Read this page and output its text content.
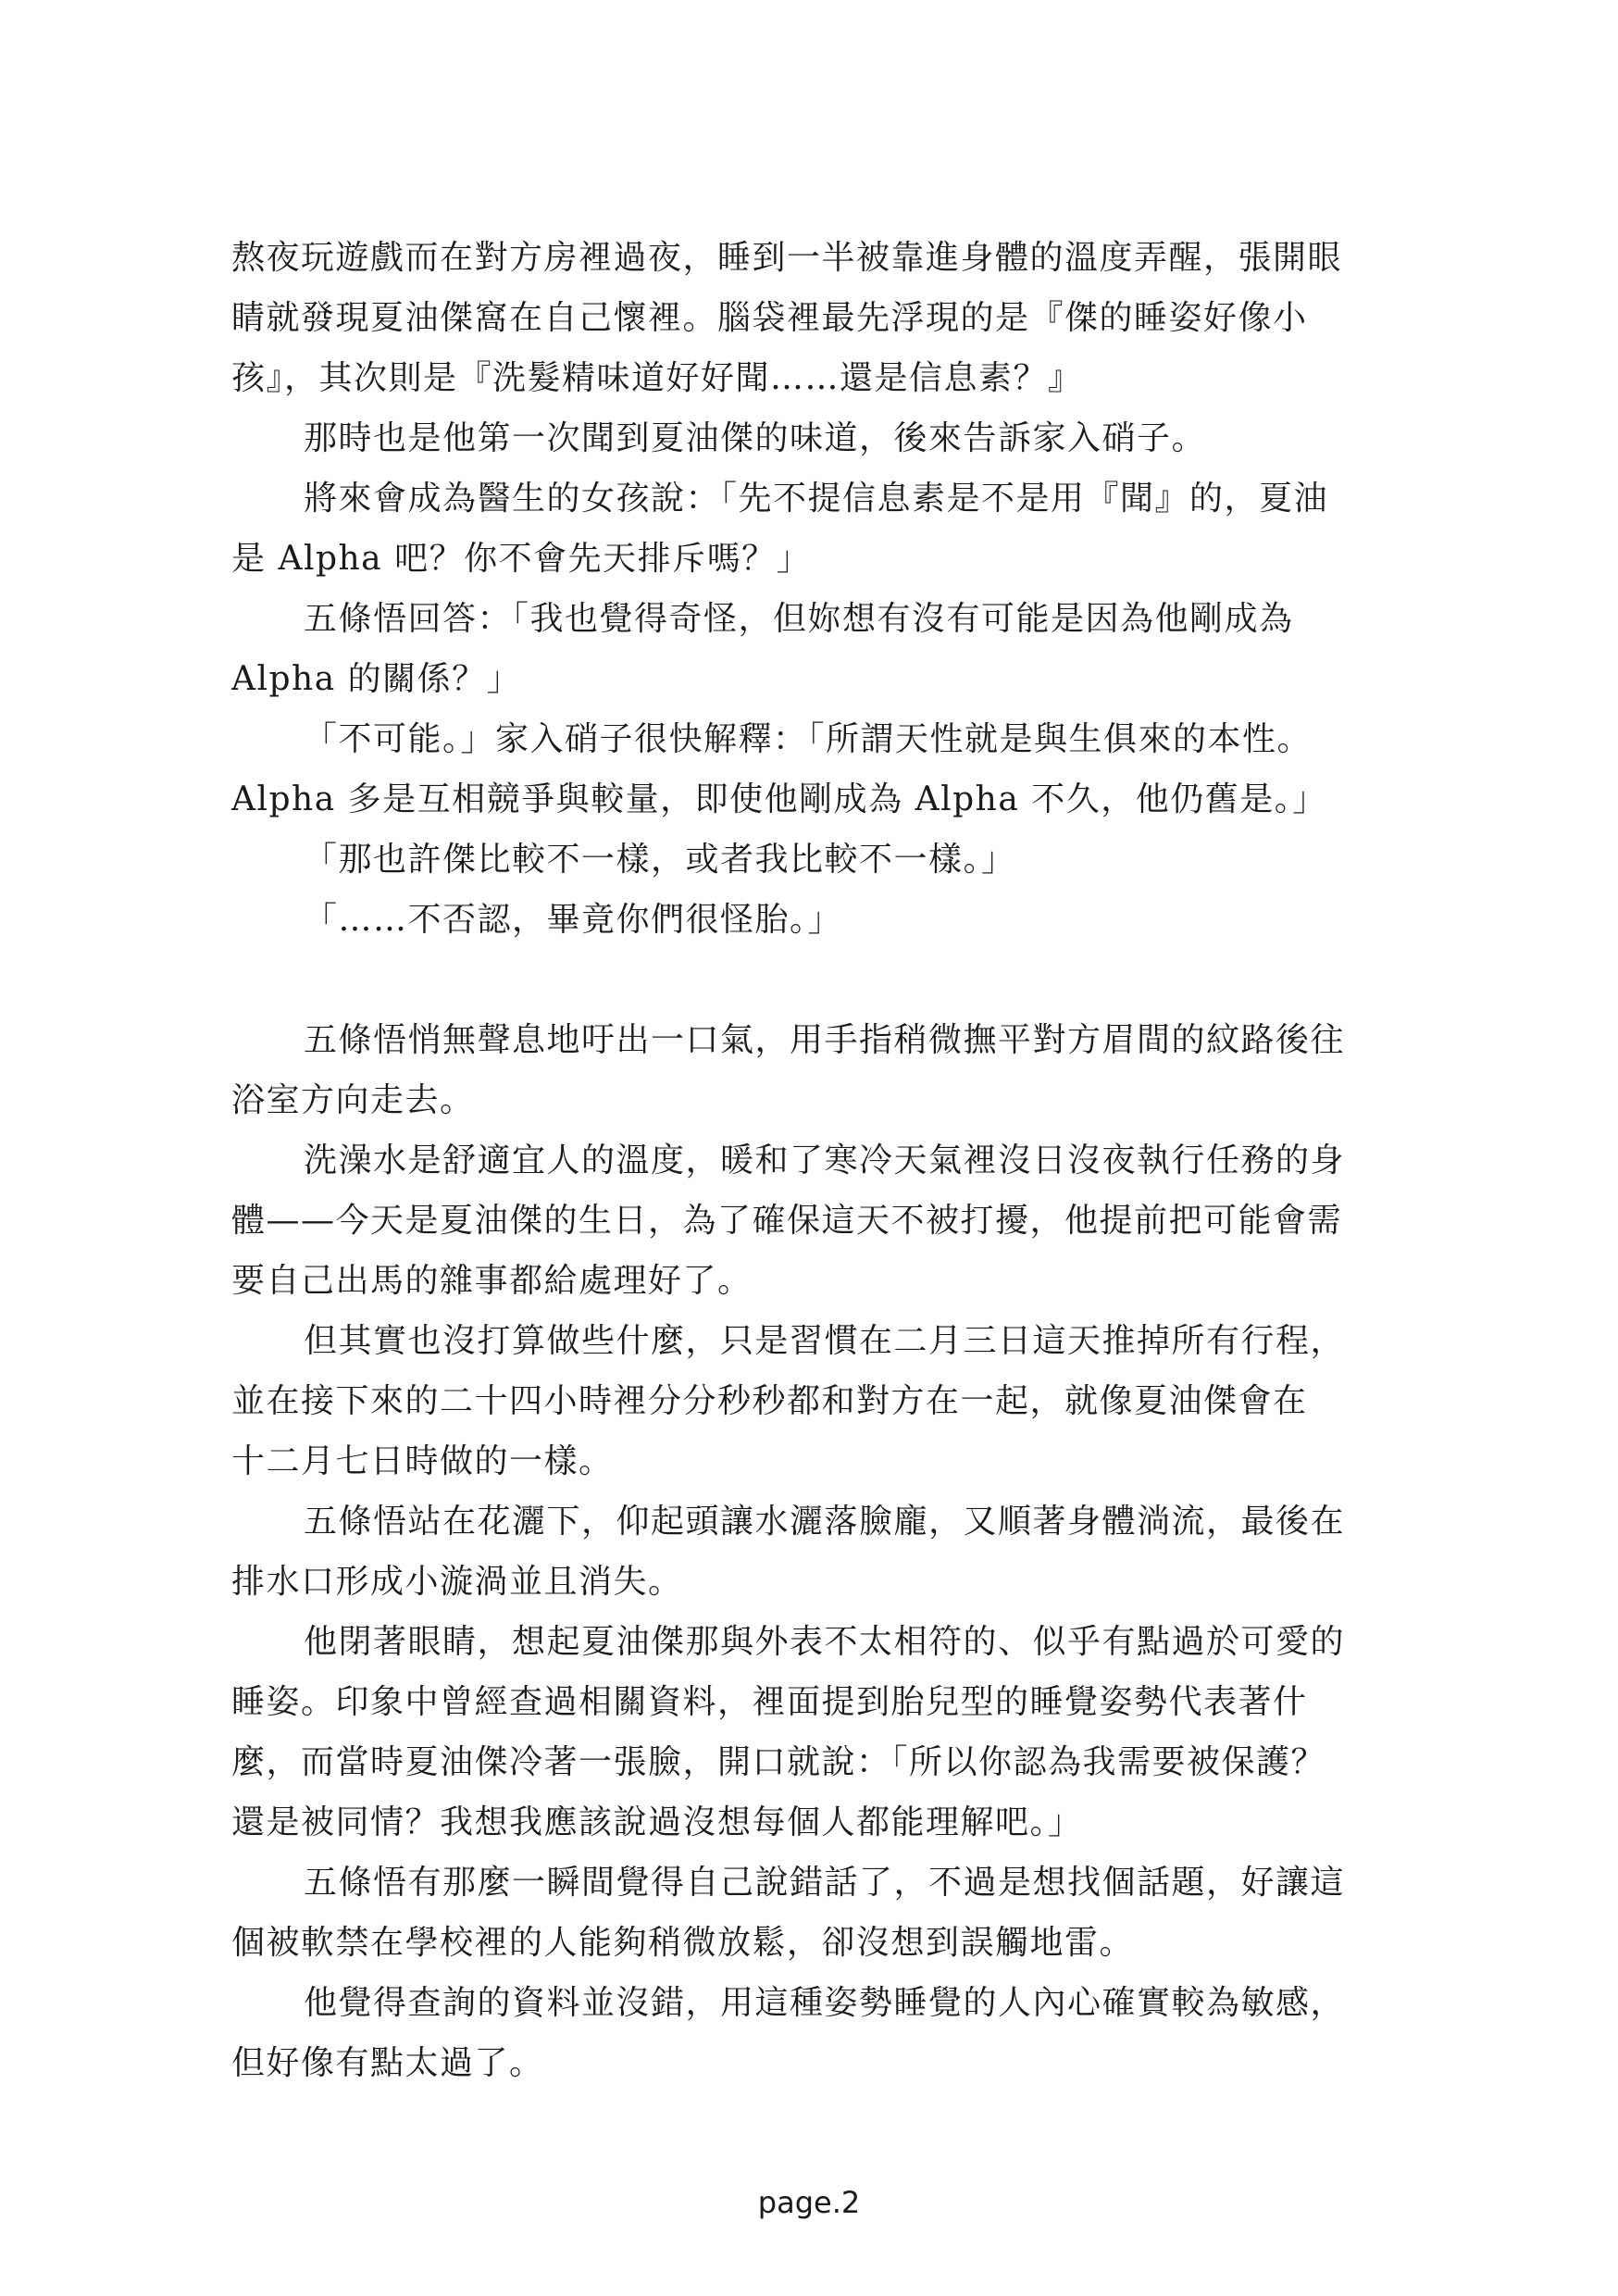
熬夜玩遊戲而在對方房裡過夜，睡到一半被靠進身體的溫度弄醒，張開眼
睛就發現夏油傑窩在自己懷裡。腦袋裡最先浮現的是『傑的睡姿好像小
孩』，其次則是『洗髮精味道好好聞……還是信息素？』
那時也是他第一次聞到夏油傑的味道，後來告訴家入硝子。
將來會成為醫生的女孩說：「先不提信息素是不是用『聞』的，夏油
是 Alpha 吧？你不會先天排斥嗎？」
五條悟回答：「我也覺得奇怪，但妳想有沒有可能是因為他剛成為
Alpha 的關係？」
「不可能。」家入硝子很快解釋：「所謂天性就是與生俱來的本性。
Alpha 多是互相競爭與較量，即使他剛成為 Alpha 不久，他仍舊是。」
「那也許傑比較不一樣，或者我比較不一樣。」
「……不否認，畢竟你們很怪胎。」
五條悟悄無聲息地吁出一口氣，用手指稍微撫平對方眉間的紋路後往
浴室方向走去。
洗澡水是舒適宜人的溫度，暖和了寒冷天氣裡沒日沒夜執行任務的身
體——今天是夏油傑的生日，為了確保這天不被打擾，他提前把可能會需
要自己出馬的雜事都給處理好了。
但其實也沒打算做些什麼，只是習慣在二月三日這天推掉所有行程，
並在接下來的二十四小時裡分分秒秒都和對方在一起，就像夏油傑會在
十二月七日時做的一樣。
五條悟站在花灑下，仰起頭讓水灑落臉龐，又順著身體淌流，最後在
排水口形成小漩渦並且消失。
他閉著眼睛，想起夏油傑那與外表不太相符的、似乎有點過於可愛的
睡姿。印象中曾經查過相關資料，裡面提到胎兒型的睡覺姿勢代表著什
麼，而當時夏油傑冷著一張臉，開口就說：「所以你認為我需要被保護？
還是被同情？我想我應該說過沒想每個人都能理解吧。」
五條悟有那麼一瞬間覺得自己說錯話了，不過是想找個話題，好讓這
個被軟禁在學校裡的人能夠稍微放鬆，卻沒想到誤觸地雷。
他覺得查詢的資料並沒錯，用這種姿勢睡覺的人內心確實較為敏感，
但好像有點太過了。
page.2
